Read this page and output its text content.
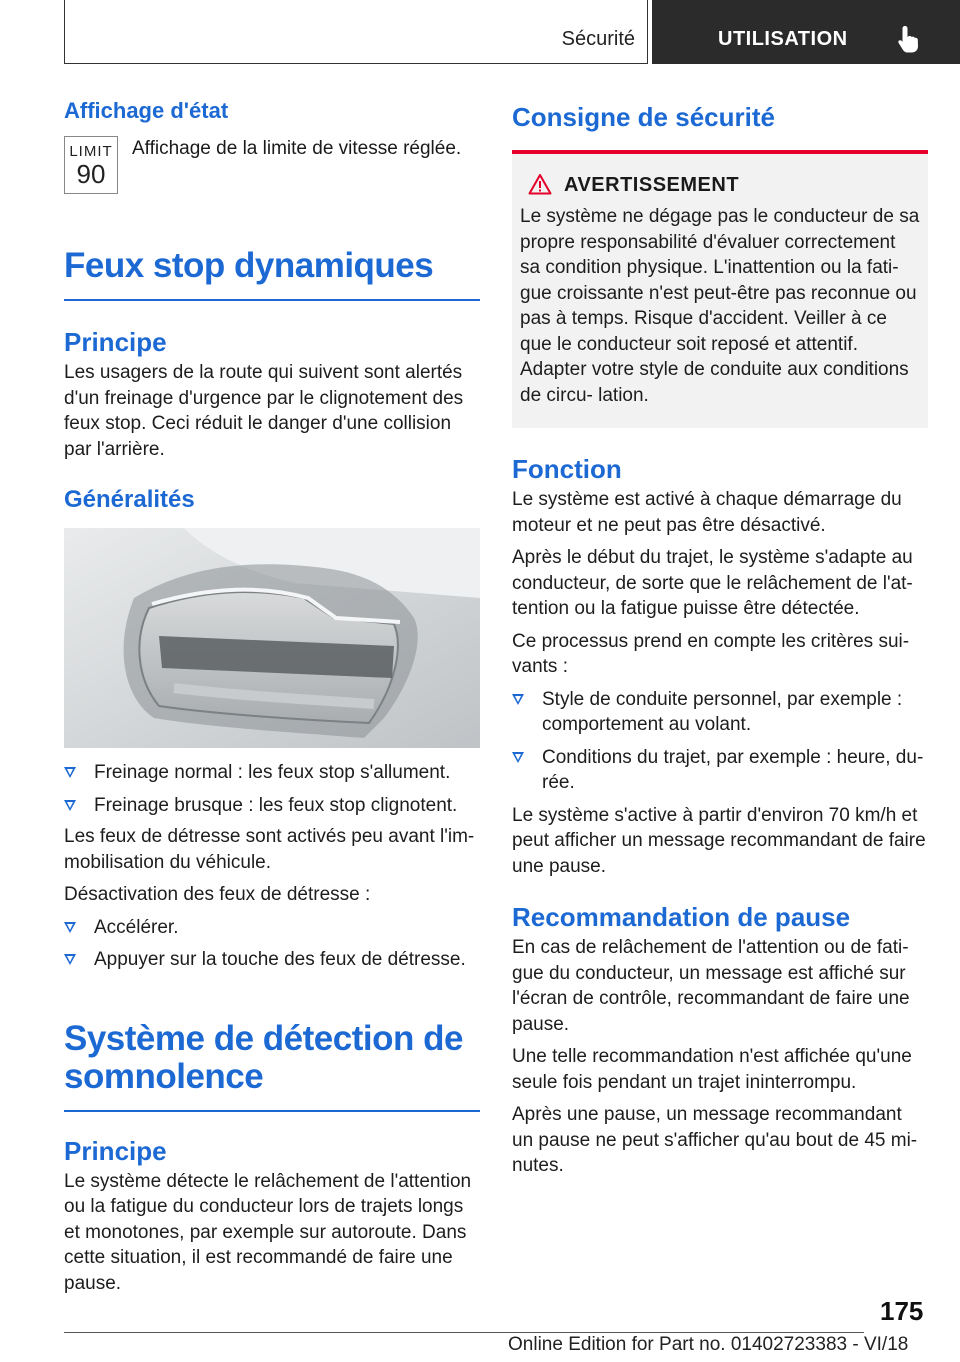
Sécurité	UTILISATION
Affichage d'état
LIMIT
90
Affichage de la limite de vitesse réglée.
Feux stop dynamiques
Principe

Les usagers de la route qui suivent sont alertés d'un freinage d'urgence par le clignotement des feux stop. Ceci réduit le danger d'une collision par l'arrière.

Généralités
Freinage normal : les feux stop s'allument.
Freinage brusque : les feux stop clignotent.

Les feux de détresse sont activés peu avant l'im‐ mobilisation du véhicule.

Désactivation des feux de détresse :

Accélérer.
Appuyer sur la touche des feux de détresse.
Système de détection de
somnolence
Principe

Le système détecte le relâchement de l'attention ou la fatigue du conducteur lors de trajets longs et monotones, par exemple sur autoroute. Dans cette situation, il est recommandé de faire une pause.

Consigne de sécurité
AVERTISSEMENT

Le système ne dégage pas le conducteur de sa propre responsabilité d'évaluer correctement sa condition physique. L'inattention ou la fati‐ gue croissante n'est peut-être pas reconnue ou pas à temps. Risque d'accident. Veiller à ce que le conducteur soit reposé et attentif. Adapter votre style de conduite aux conditions de circu‐ lation.

Fonction

Le système est activé à chaque démarrage du moteur et ne peut pas être désactivé.

Après le début du trajet, le système s'adapte au conducteur, de sorte que le relâchement de l'at‐ tention ou la fatigue puisse être détectée.

Ce processus prend en compte les critères sui‐ vants :

Style de conduite personnel, par exemple : comportement au volant.
Conditions du trajet, par exemple : heure, du‐ rée.

Le système s'active à partir d'environ 70 km/h et peut afficher un message recommandant de faire une pause.

Recommandation de pause

En cas de relâchement de l'attention ou de fati‐ gue du conducteur, un message est affiché sur l'écran de contrôle, recommandant de faire une pause.

Une telle recommandation n'est affichée qu'une seule fois pendant un trajet ininterrompu.

Après une pause, un message recommandant un pause ne peut s'afficher qu'au bout de 45 mi‐ nutes.

175
Online Edition for Part no. 01402723383 - VI/18
